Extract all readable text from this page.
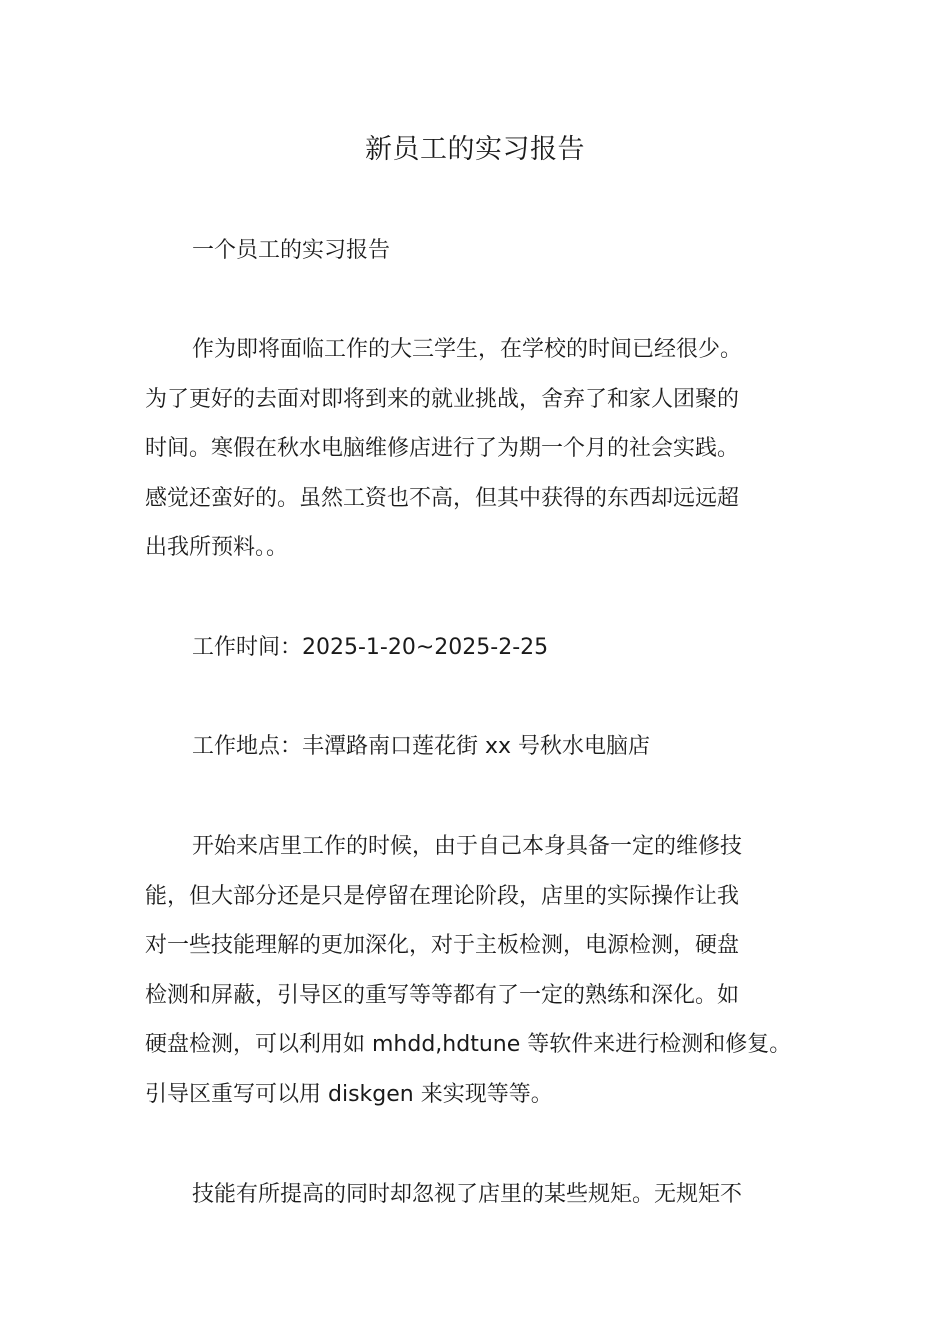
新员工的实习报告
一个员工的实习报告
作为即将面临工作的大三学生，在学校的时间已经很少。
为了更好的去面对即将到来的就业挑战，舍弃了和家人团聚的
时间。寒假在秋水电脑维修店进行了为期一个月的社会实践。
感觉还蛮好的。虽然工资也不高，但其中获得的东西却远远超
出我所预料。。
工作时间：2025-1-20~2025-2-25
工作地点：丰潭路南口莲花街 xx 号秋水电脑店
开始来店里工作的时候，由于自己本身具备一定的维修技
能，但大部分还是只是停留在理论阶段，店里的实际操作让我
对一些技能理解的更加深化，对于主板检测，电源检测，硬盘
检测和屏蔽，引导区的重写等等都有了一定的熟练和深化。如
硬盘检测，可以利用如 mhdd,hdtune 等软件来进行检测和修复。
引导区重写可以用 diskgen 来实现等等。
技能有所提高的同时却忽视了店里的某些规矩。无规矩不
